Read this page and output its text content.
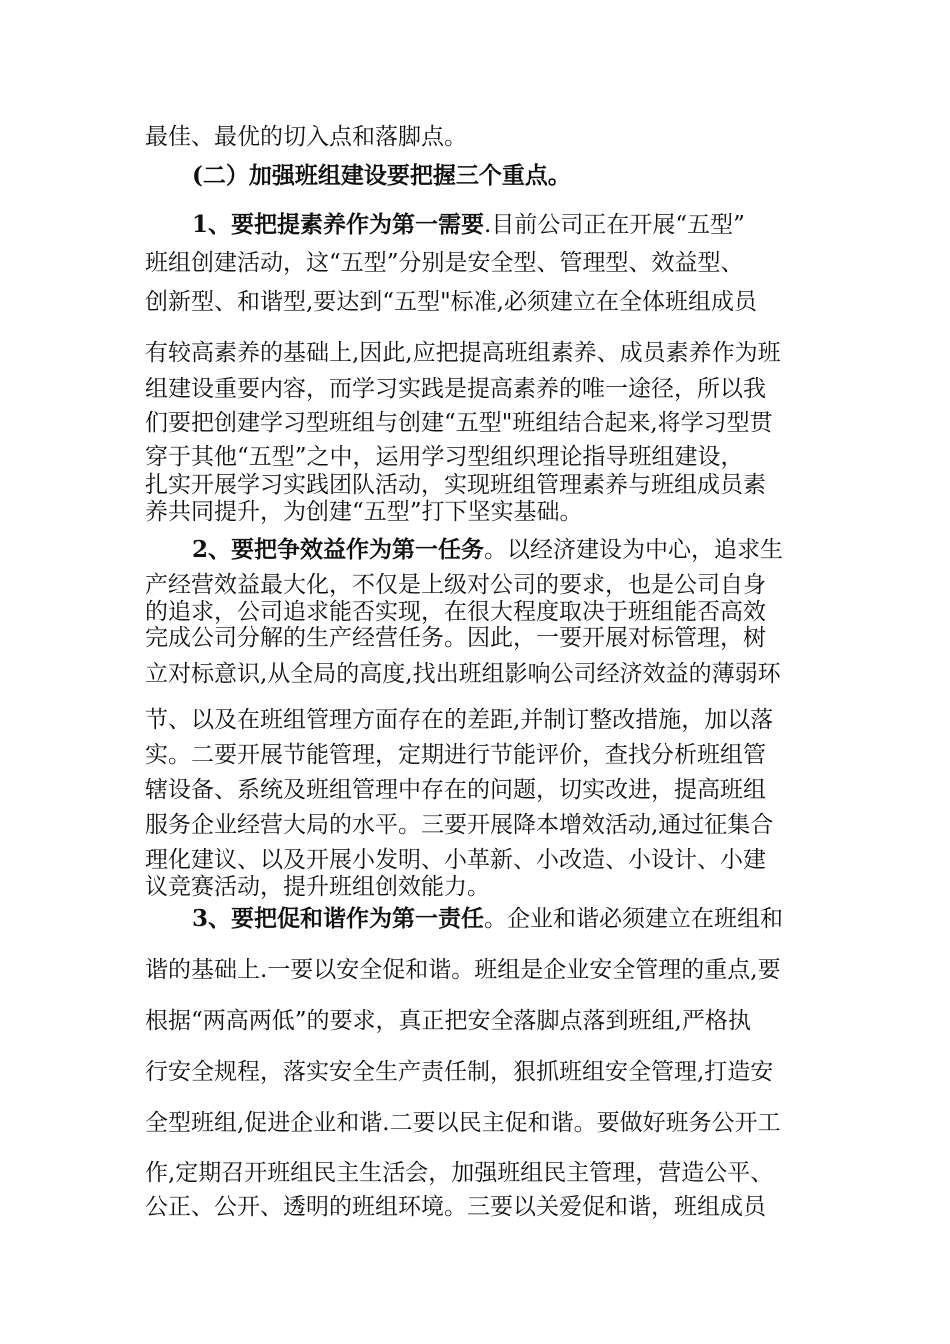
最佳、最优的切入点和落脚点。
(二）加强班组建设要把握三个重点。
1、要把提素养作为第一需要.目前公司正在开展“五型”
班组创建活动，这“五型”分别是安全型、管理型、效益型、
创新型、和谐型,要达到“五型"标准,必须建立在全体班组成员
有较高素养的基础上,因此,应把提高班组素养、成员素养作为班
组建设重要内容，而学习实践是提高素养的唯一途径，所以我
们要把创建学习型班组与创建“五型"班组结合起来,将学习型贯
穿于其他“五型”之中，运用学习型组织理论指导班组建设，
扎实开展学习实践团队活动，实现班组管理素养与班组成员素
养共同提升，为创建“五型”打下坚实基础。
2、要把争效益作为第一任务。以经济建设为中心，追求生
产经营效益最大化，不仅是上级对公司的要求，也是公司自身
的追求，公司追求能否实现，在很大程度取决于班组能否高效
完成公司分解的生产经营任务。因此，一要开展对标管理，树
立对标意识,从全局的高度,找出班组影响公司经济效益的薄弱环
节、以及在班组管理方面存在的差距,并制订整改措施，加以落
实。二要开展节能管理，定期进行节能评价，查找分析班组管
辖设备、系统及班组管理中存在的问题，切实改进，提高班组
服务企业经营大局的水平。三要开展降本增效活动,通过征集合
理化建议、以及开展小发明、小革新、小改造、小设计、小建
议竞赛活动，提升班组创效能力。
3、要把促和谐作为第一责任。企业和谐必须建立在班组和
谐的基础上.一要以安全促和谐。班组是企业安全管理的重点,要
根据“两高两低”的要求，真正把安全落脚点落到班组,严格执
行安全规程，落实安全生产责任制，狠抓班组安全管理,打造安
全型班组,促进企业和谐.二要以民主促和谐。要做好班务公开工
作,定期召开班组民主生活会，加强班组民主管理，营造公平、
公正、公开、透明的班组环境。三要以关爱促和谐，班组成员
